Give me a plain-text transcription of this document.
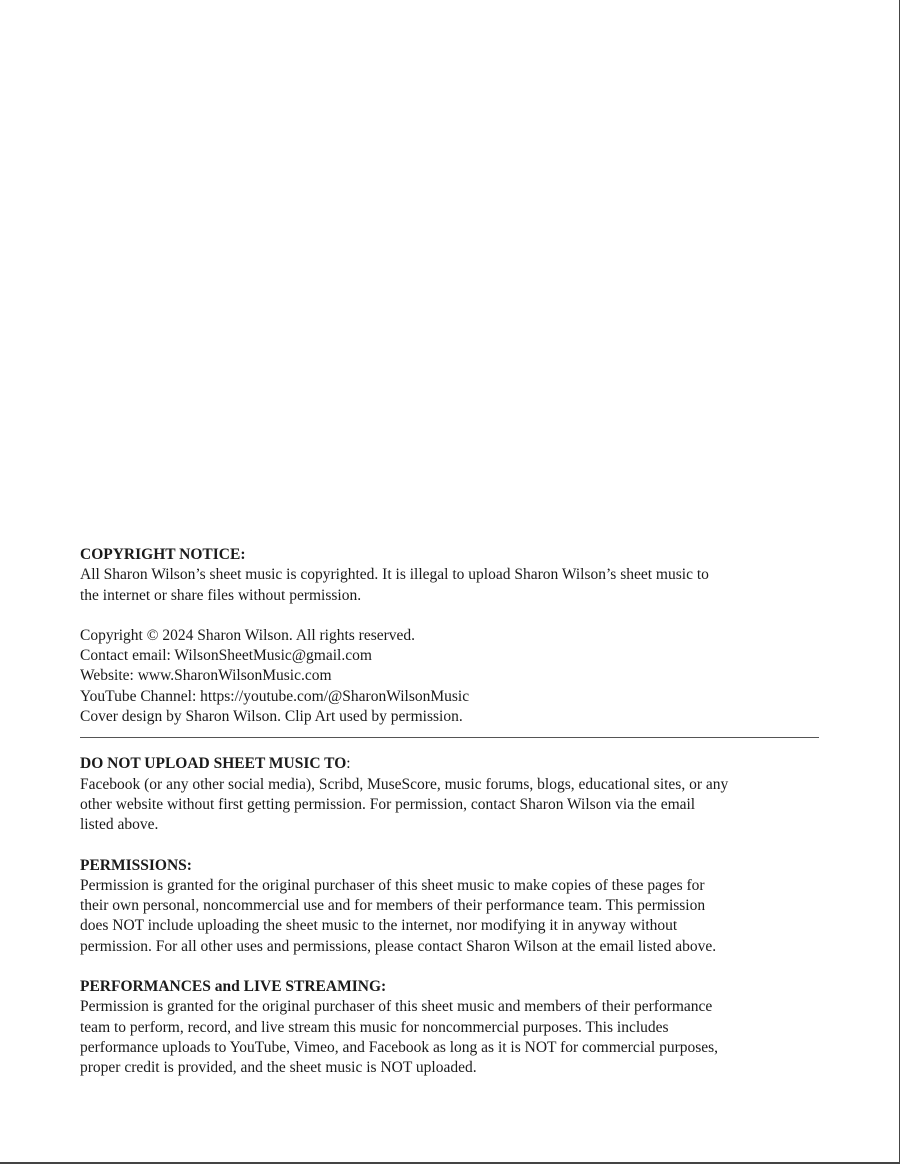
COPYRIGHT NOTICE:

All Sharon Wilson’s sheet music is copyrighted. It is illegal to upload Sharon Wilson’s sheet music to
the internet or share files without permission.

Copyright © 2024 Sharon Wilson. All rights reserved.
Contact email: WilsonSheetMusic@gmail.com
Website: www.SharonWilsonMusic.com
YouTube Channel: https://youtube.com/@SharonWilsonMusic
Cover design by Sharon Wilson. Clip Art used by permission.

DO NOT UPLOAD SHEET MUSIC TO:

Facebook (or any other social media), Scribd, MuseScore, music forums, blogs, educational sites, or any
other website without first getting permission. For permission, contact Sharon Wilson via the email
listed above.

PERMISSIONS:

Permission is granted for the original purchaser of this sheet music to make copies of these pages for
their own personal, noncommercial use and for members of their performance team. This permission
does NOT include uploading the sheet music to the internet, nor modifying it in anyway without
permission. For all other uses and permissions, please contact Sharon Wilson at the email listed above.

PERFORMANCES and LIVE STREAMING:

Permission is granted for the original purchaser of this sheet music and members of their performance
team to perform, record, and live stream this music for noncommercial purposes. This includes
performance uploads to YouTube, Vimeo, and Facebook as long as it is NOT for commercial purposes,
proper credit is provided, and the sheet music is NOT uploaded.
